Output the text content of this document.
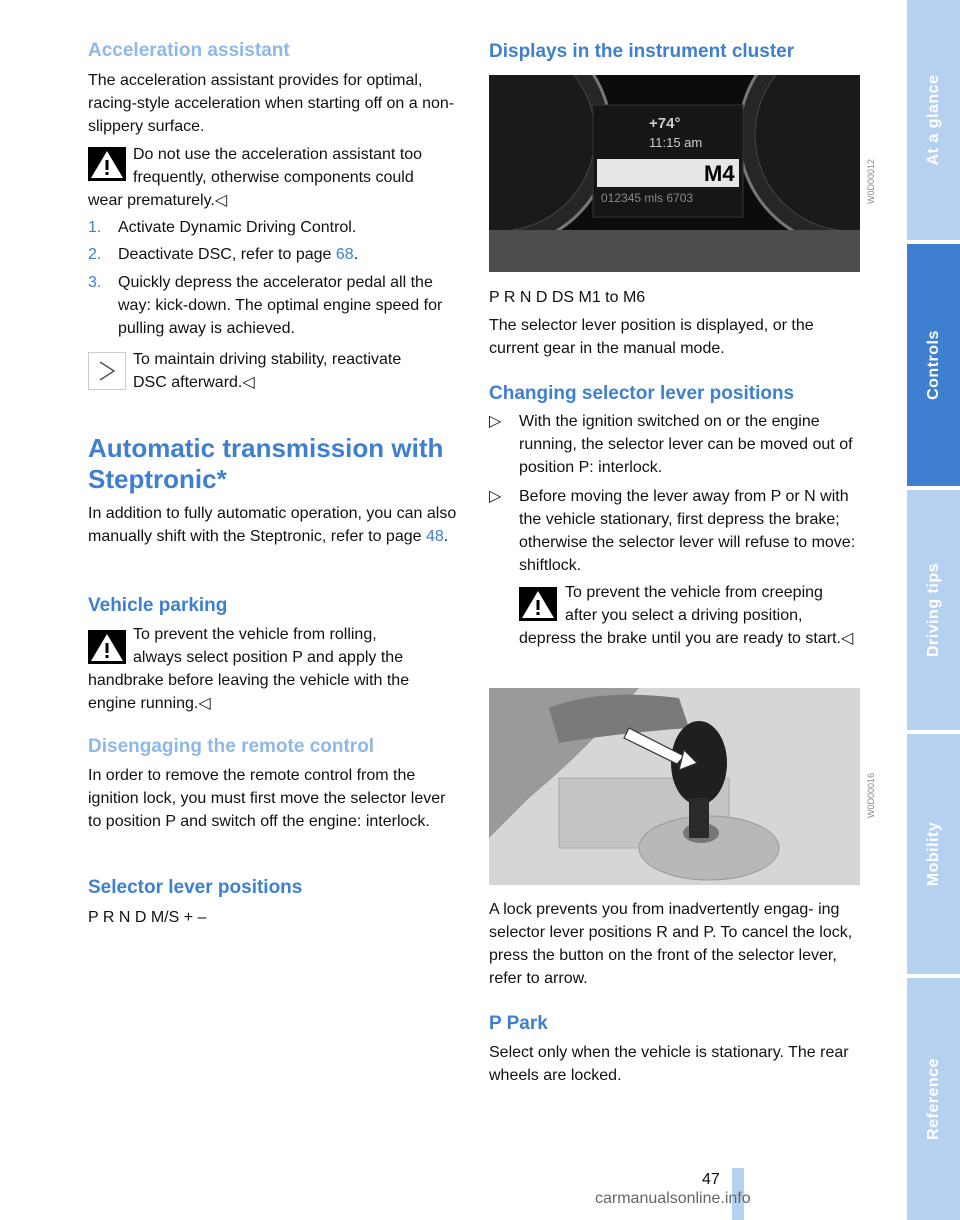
Acceleration assistant
The acceleration assistant provides for optimal, racing-style acceleration when starting off on a non-slippery surface.
Do not use the acceleration assistant too
frequently, otherwise components could
wear prematurely.◁
1. Activate Dynamic Driving Control.
2. Deactivate DSC, refer to page 68.
3. Quickly depress the accelerator pedal all the way: kick-down. The optimal engine speed for pulling away is achieved.
To maintain driving stability, reactivate
DSC afterward.◁
Automatic transmission with
Steptronic*
In addition to fully automatic operation, you can also manually shift with the Steptronic, refer to page 48.
Vehicle parking
To prevent the vehicle from rolling,
always select position P and apply the
handbrake before leaving the vehicle with the engine running.◁
Disengaging the remote control
In order to remove the remote control from the ignition lock, you must first move the selector lever to position P and switch off the engine: interlock.
Selector lever positions
P R N D M/S + –
Displays in the instrument cluster
+74°
11:15 am
M4
012345 mls 6703	W0D00012
P R N D DS M1 to M6
The selector lever position is displayed, or the current gear in the manual mode.
Changing selector lever positions
▷ With the ignition switched on or the engine running, the selector lever can be moved out of position P: interlock.
▷ Before moving the lever away from P or N with the vehicle stationary, first depress the brake; otherwise the selector lever will refuse to move: shiftlock.
To prevent the vehicle from creeping
after you select a driving position,
depress the brake until you are ready to start.◁
W0D00016
A lock prevents you from inadvertently engag- ing selector lever positions R and P. To cancel the lock, press the button on the front of the selector lever, refer to arrow.
P Park
Select only when the vehicle is stationary. The rear wheels are locked.
At a glance
Controls
Driving tips
Mobility
Reference
47
carmanualsonline.info
